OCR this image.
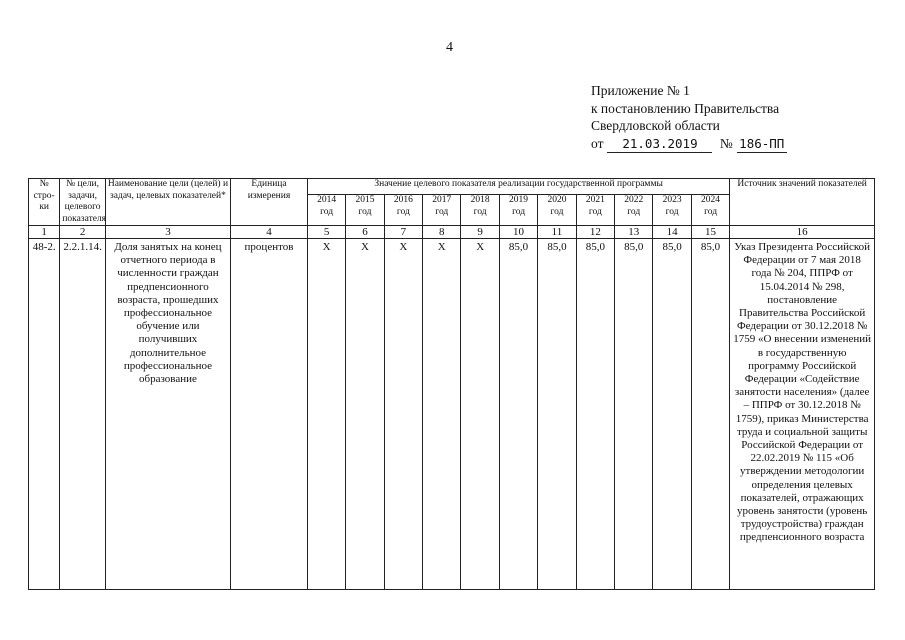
4
Приложение № 1
к постановлению Правительства
Свердловской области
от 21.03.2019 № 186-ПП
№ стро-ки	№ цели, задачи, целевого показателя	Наименование цели (целей) и задач, целевых показателей*	Единица измерения	Значение целевого показателя реализации государственной программы											Источник значений показателей
				2014 год	2015 год	2016 год	2017 год	2018 год	2019 год	2020 год	2021 год	2022 год	2023 год	2024 год	
1	2	3	4	5	6	7	8	9	10	11	12	13	14	15	16
48-2.	2.2.1.14.	Доля занятых на конец отчетного периода в численности граждан предпенсионного возраста, прошедших профессиональное обучение или получивших дополнительное профессиональное образование	процентов	X	X	X	X	X	85,0	85,0	85,0	85,0	85,0	85,0	Указ Президента Российской Федерации от 7 мая 2018 года № 204, ППРФ от 15.04.2014 № 298, постановление Правительства Российской Федерации от 30.12.2018 № 1759 «О внесении изменений в государственную программу Российской Федерации «Содействие занятости населения» (далее – ППРФ от 30.12.2018 № 1759), приказ Министерства труда и социальной защиты Российской Федерации от 22.02.2019 № 115 «Об утверждении методологии определения целевых показателей, отражающих уровень занятости (уровень трудоустройства) граждан предпенсионного возраста
